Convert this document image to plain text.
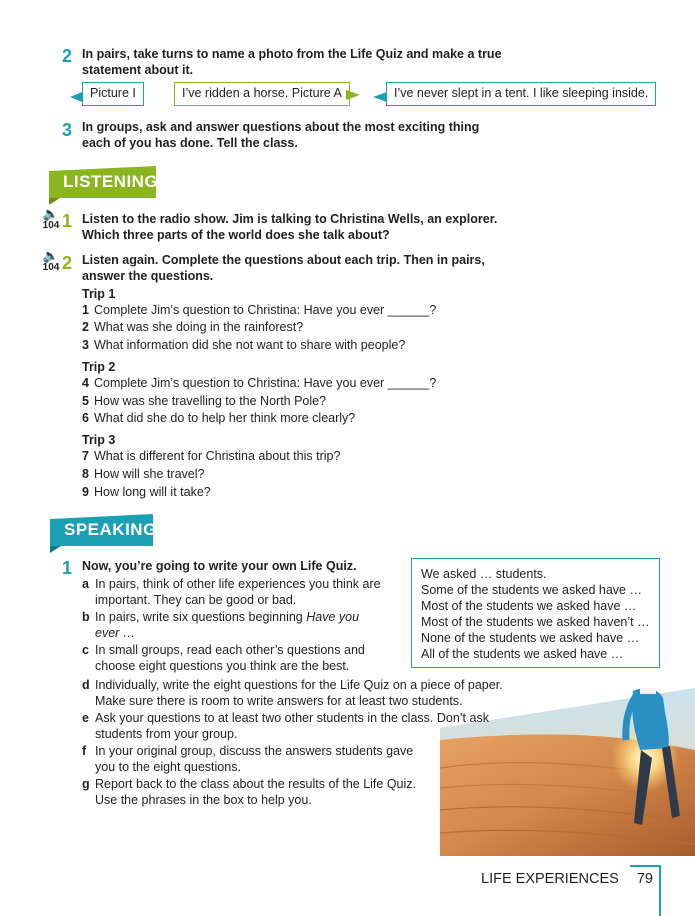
2 In pairs, take turns to name a photo from the Life Quiz and make a true statement about it.
Picture I	I’ve ridden a horse. Picture A	I’ve never slept in a tent. I like sleeping inside.
3 In groups, ask and answer questions about the most exciting thing each of you has done. Tell the class.
LISTENING
🔈
104 1 Listen to the radio show. Jim is talking to Christina Wells, an explorer. Which three parts of the world does she talk about?
🔈
104 2 Listen again. Complete the questions about each trip. Then in pairs, answer the questions.
Trip 1
1 Complete Jim’s question to Christina: Have you ever ______?
2 What was she doing in the rainforest?
3 What information did she not want to share with people?
Trip 2
4 Complete Jim’s question to Christina: Have you ever ______?
5 How was she travelling to the North Pole?
6 What did she do to help her think more clearly?
Trip 3
7 What is different for Christina about this trip?
8 How will she travel?
9 How long will it take?
SPEAKING
1 Now, you’re going to write your own Life Quiz.
a In pairs, think of other life experiences you think are important. They can be good or bad.
b In pairs, write six questions beginning Have you ever …
c In small groups, read each other’s questions and choose eight questions you think are the best.
d Individually, write the eight questions for the Life Quiz on a piece of paper. Make sure there is room to write answers for at least two students.
e Ask your questions to at least two other students in the class. Don’t ask students from your group.
f In your original group, discuss the answers students gave you to the eight questions.
g Report back to the class about the results of the Life Quiz. Use the phrases in the box to help you.
We asked … students.
Some of the students we asked have …
Most of the students we asked have …
Most of the students we asked haven’t …
None of the students we asked have …
All of the students we asked have …
LIFE EXPERIENCES 79
